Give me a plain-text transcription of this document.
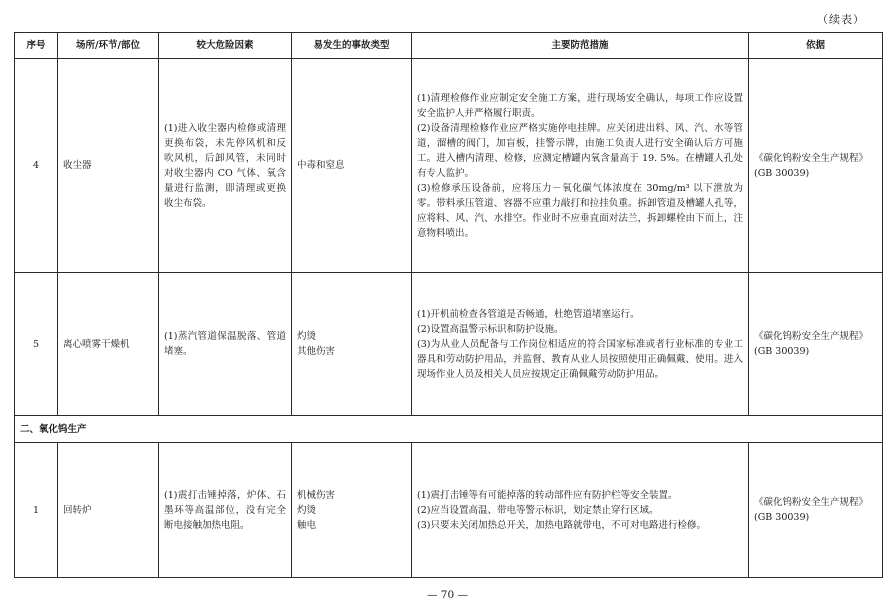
（续表）
序号	场所/环节/部位	较大危险因素	易发生的事故类型	主要防范措施	依据
4	收尘器	(1)进入收尘器内检修或清理更换布袋，未先停风机和反吹风机，后卸风管，未同时对收尘器内 CO 气体、氧含量进行监测，即清理或更换收尘布袋。	中毒和窒息	(1)清理检修作业应制定安全施工方案，进行现场安全确认，每项工作应设置安全监护人并严格履行职责。
(2)设备清理检修作业应严格实施停电挂牌。应关闭进出料、风、汽、水等管道，溜槽的阀门，加盲板，挂警示牌，由施工负责人进行安全确认后方可施工。进入槽内清理、检修，应测定槽罐内氧含量高于 19. 5%。在槽罐人孔处有专人监护。
(3)检修承压设备前，应将压力－氧化碳气体浓度在 30mg/m³ 以下泄放为零。带料承压管道、容器不应重力敲打和拉挂负重。拆卸管道及槽罐人孔等，应将料、风、汽、水排空。作业时不应垂直面对法兰，拆卸螺栓由下而上，注意物料喷出。	《碳化钨粉安全生产规程》(GB 30039)
5	离心喷雾干燥机	(1)蒸汽管道保温脱落、管道堵塞。	灼烫
其他伤害	(1)开机前检查各管道是否畅通，杜绝管道堵塞运行。
(2)设置高温警示标识和防护设施。
(3)为从业人员配备与工作岗位相适应的符合国家标准或者行业标准的专业工器具和劳动防护用品，并监督、教育从业人员按照使用正确佩戴、使用。进入现场作业人员及相关人员应按规定正确佩戴劳动防护用品。	《碳化钨粉安全生产规程》(GB 30039)
二、氧化钨生产					
1	回转炉	(1)震打击锤掉落，炉体、石墨环等高温部位，没有完全断电接触加热电阻。	机械伤害
灼烫
触电	(1)震打击锤等有可能掉落的转动部件应有防护栏等安全装置。
(2)应当设置高温、带电等警示标识，划定禁止穿行区域。
(3)只要未关闭加热总开关，加热电路就带电，不可对电路进行检修。	《碳化钨粉安全生产规程》(GB 30039)
— 70 —
